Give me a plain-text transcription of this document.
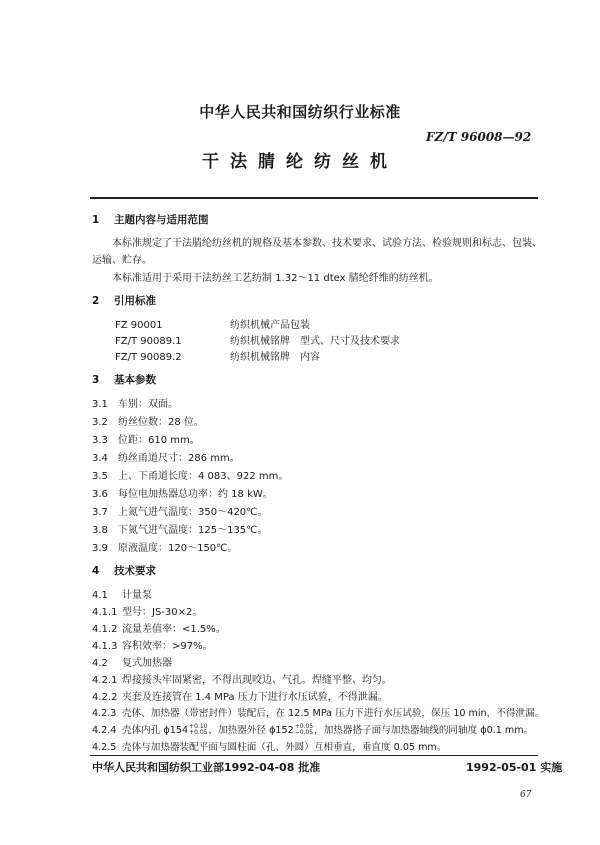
中华人民共和国纺织行业标准
FZ/T 96008—92
干法腈纶纺丝机
1 主题内容与适用范围
本标准规定了干法腈纶纺丝机的规格及基本参数、技术要求、试验方法、检验规则和标志、包装、运输、贮存。
本标准适用于采用干法纺丝工艺纺制 1.32～11 dtex 腈纶纤维的纺丝机。
2 引用标准
FZ 90001	纺织机械产品包装
FZ/T 90089.1	纺织机械铭牌　型式、尺寸及技术要求
FZ/T 90089.2	纺织机械铭牌　内容
3 基本参数
3.1 车别：双面。
3.2 纺丝位数：28 位。
3.3 位距：610 mm。
3.4 纺丝甬道尺寸：286 mm。
3.5 上、下甬道长度：4 083、922 mm。
3.6 每位电加热器总功率：约 18 kW。
3.7 上氮气进气温度：350～420℃。
3.8 下氮气进气温度：125～135℃。
3.9 原液温度：120～150℃。
4 技术要求
4.1 计量泵
4.1.1 型号：JS-30×2。
4.1.2 流量差值率：<1.5%。
4.1.3 容积效率：>97%。
4.2 复式加热器
4.2.1 焊接接头牢固紧密，不得出现咬边、气孔。焊缝平整、均匀。
4.2.2 夹套及连接管在 1.4 MPa 压力下进行水压试验，不得泄漏。
4.2.3 壳体、加热器（带密封件）装配后，在 12.5 MPa 压力下进行水压试验，保压 10 min，不得泄漏。
4.2.4 壳体内孔 ϕ154 +0.10
+0.05 ，加热器外径 ϕ152 +0.05
−0.05 ，加热器搭子面与加热器轴线的同轴度 ϕ0.1 mm。
4.2.5 壳体与加热器装配平面与圆柱面（孔、外圆）互相垂直，垂直度 0.05 mm。
中华人民共和国纺织工业部1992-04-08 批准	1992-05-01 实施
67
